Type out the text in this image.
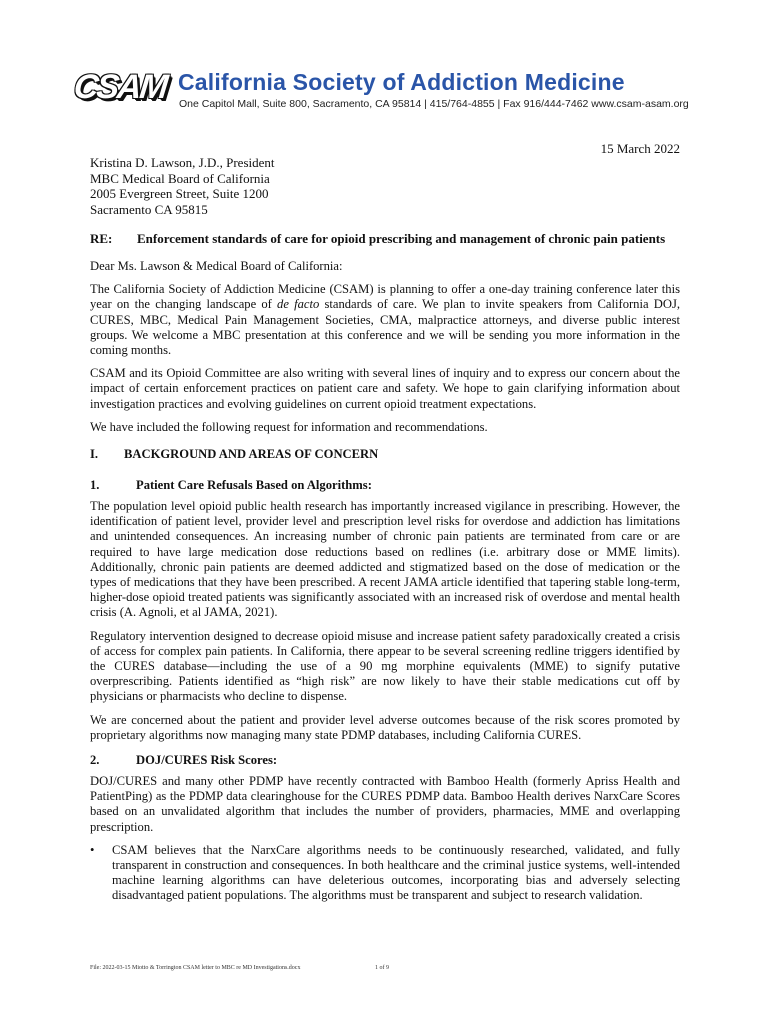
CSAM California Society of Addiction Medicine
One Capitol Mall, Suite 800, Sacramento, CA 95814 | 415/764-4855 | Fax 916/444-7462 www.csam-asam.org
15 March 2022
Kristina D. Lawson, J.D., President
MBC Medical Board of California
2005 Evergreen Street, Suite 1200
Sacramento CA 95815
RE: Enforcement standards of care for opioid prescribing and management of chronic pain patients

Dear Ms. Lawson & Medical Board of California:

The California Society of Addiction Medicine (CSAM) is planning to offer a one-day training conference later this year on the changing landscape of de facto standards of care. We plan to invite speakers from California DOJ, CURES, MBC, Medical Pain Management Societies, CMA, malpractice attorneys, and diverse public interest groups. We welcome a MBC presentation at this conference and we will be sending you more information in the coming months.

CSAM and its Opioid Committee are also writing with several lines of inquiry and to express our concern about the impact of certain enforcement practices on patient care and safety. We hope to gain clarifying information about investigation practices and evolving guidelines on current opioid treatment expectations.

We have included the following request for information and recommendations.

I. BACKGROUND AND AREAS OF CONCERN
1.	Patient Care Refusals Based on Algorithms:

The population level opioid public health research has importantly increased vigilance in prescribing. However, the identification of patient level, provider level and prescription level risks for overdose and addiction has limitations and unintended consequences. An increasing number of chronic pain patients are terminated from care or are required to have large medication dose reductions based on redlines (i.e. arbitrary dose or MME limits). Additionally, chronic pain patients are deemed addicted and stigmatized based on the dose of medication or the types of medications that they have been prescribed. A recent JAMA article identified that tapering stable long-term, higher-dose opioid treated patients was significantly associated with an increased risk of overdose and mental health crisis (A. Agnoli, et al JAMA, 2021).

Regulatory intervention designed to decrease opioid misuse and increase patient safety paradoxically created a crisis of access for complex pain patients. In California, there appear to be several screening redline triggers identified by the CURES database—including the use of a 90 mg morphine equivalents (MME) to signify putative overprescribing. Patients identified as “high risk” are now likely to have their stable medications cut off by physicians or pharmacists who decline to dispense.

We are concerned about the patient and provider level adverse outcomes because of the risk scores promoted by proprietary algorithms now managing many state PDMP databases, including California CURES.

2.	DOJ/CURES Risk Scores:

DOJ/CURES and many other PDMP have recently contracted with Bamboo Health (formerly Apriss Health and PatientPing) as the PDMP data clearinghouse for the CURES PDMP data. Bamboo Health derives NarxCare Scores based on an unvalidated algorithm that includes the number of providers, pharmacies, MME and overlapping prescription.

• CSAM believes that the NarxCare algorithms needs to be continuously researched, validated, and fully transparent in construction and consequences. In both healthcare and the criminal justice systems, well-intended machine learning algorithms can have deleterious outcomes, incorporating bias and adversely selecting disadvantaged patient populations. The algorithms must be transparent and subject to research validation.
File: 2022-03-15 Miotto & Torrington CSAM letter to MBC re MD Investigations.docx	1 of 9
